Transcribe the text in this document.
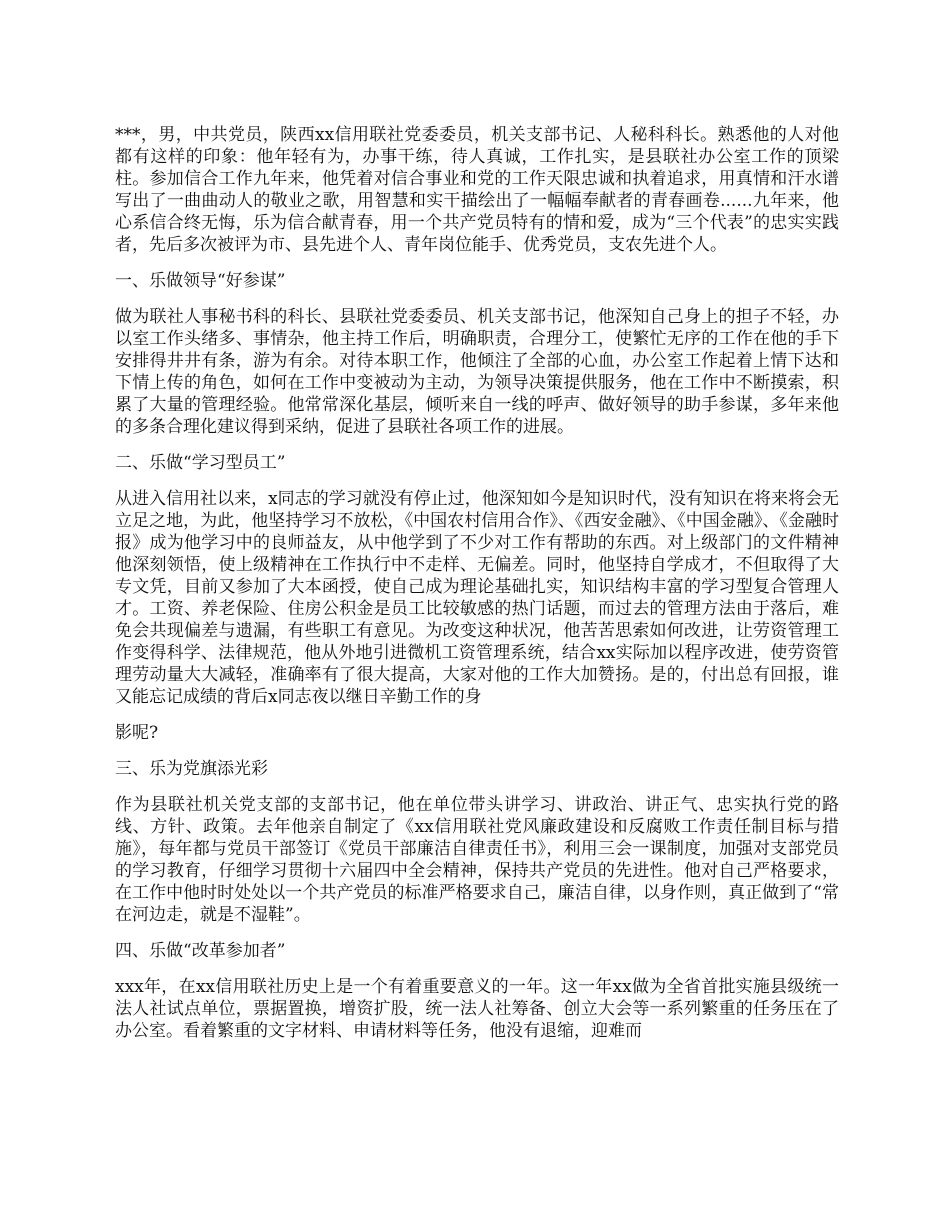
***，男，中共党员，陕西xx信用联社党委委员，机关支部书记、人秘科科长。熟悉他的人对他都有这样的印象：他年轻有为，办事干练，待人真诚，工作扎实，是县联社办公室工作的顶梁柱。参加信合工作九年来，他凭着对信合事业和党的工作天限忠诚和执着追求，用真情和汗水谱写出了一曲曲动人的敬业之歌，用智慧和实干描绘出了一幅幅奉献者的青春画卷......九年来，他心系信合终无悔，乐为信合献青春，用一个共产党员特有的情和爱，成为“三个代表”的忠实实践者，先后多次被评为市、县先进个人、青年岗位能手、优秀党员，支农先进个人。

一、乐做领导“好参谋”

做为联社人事秘书科的科长、县联社党委委员、机关支部书记，他深知自己身上的担子不轻，办以室工作头绪多、事情杂，他主持工作后，明确职责，合理分工，使繁忙无序的工作在他的手下安排得井井有条，游为有余。对待本职工作，他倾注了全部的心血，办公室工作起着上情下达和下情上传的角色，如何在工作中变被动为主动，为领导决策提供服务，他在工作中不断摸索，积累了大量的管理经验。他常常深化基层，倾听来自一线的呼声、做好领导的助手参谋，多年来他的多条合理化建议得到采纳，促进了县联社各项工作的进展。

二、乐做“学习型员工”

从进入信用社以来，x同志的学习就没有停止过，他深知如今是知识时代，没有知识在将来将会无立足之地，为此，他坚持学习不放松，《中国农村信用合作》、《西安金融》、《中国金融》、《金融时报》成为他学习中的良师益友，从中他学到了不少对工作有帮助的东西。对上级部门的文件精神他深刻领悟，使上级精神在工作执行中不走样、无偏差。同时，他坚持自学成才，不但取得了大专文凭，目前又参加了大本函授，使自己成为理论基础扎实，知识结构丰富的学习型复合管理人才。工资、养老保险、住房公积金是员工比较敏感的热门话题，而过去的管理方法由于落后，难免会共现偏差与遗漏，有些职工有意见。为改变这种状况，他苦苦思索如何改进，让劳资管理工作变得科学、法律规范，他从外地引进微机工资管理系统，结合xx实际加以程序改进，使劳资管理劳动量大大减轻，准确率有了很大提高，大家对他的工作大加赞扬。是的，付出总有回报，谁又能忘记成绩的背后x同志夜以继日辛勤工作的身

影呢?

三、乐为党旗添光彩

作为县联社机关党支部的支部书记，他在单位带头讲学习、讲政治、讲正气、忠实执行党的路线、方针、政策。去年他亲自制定了《xx信用联社党风廉政建设和反腐败工作责任制目标与措施》，每年都与党员干部签订《党员干部廉洁自律责任书》，利用三会一课制度，加强对支部党员的学习教育，仔细学习贯彻十六届四中全会精神，保持共产党员的先进性。他对自己严格要求，在工作中他时时处处以一个共产党员的标准严格要求自己，廉洁自律，以身作则，真正做到了“常在河边走，就是不湿鞋”。

四、乐做“改革参加者”

xxx年，在xx信用联社历史上是一个有着重要意义的一年。这一年xx做为全省首批实施县级统一法人社试点单位，票据置换，增资扩股，统一法人社筹备、创立大会等一系列繁重的任务压在了办公室。看着繁重的文字材料、申请材料等任务，他没有退缩，迎难而
